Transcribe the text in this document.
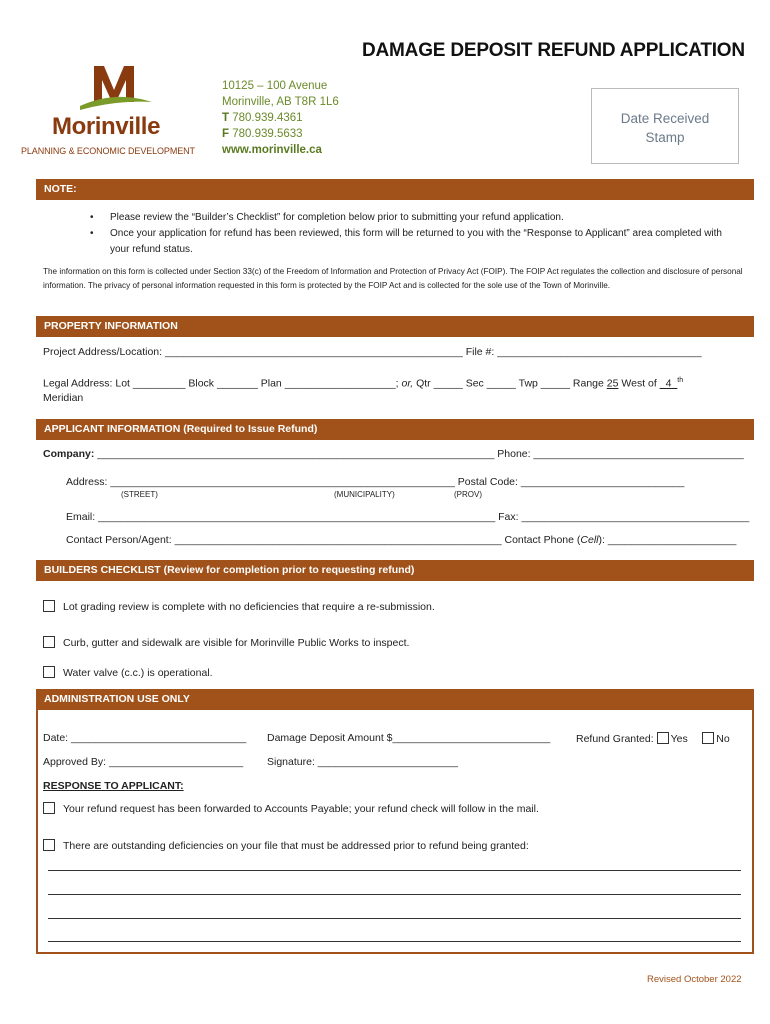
DAMAGE DEPOSIT REFUND APPLICATION
Morinville
PLANNING & ECONOMIC DEVELOPMENT
10125 – 100 Avenue
Morinville, AB T8R 1L6
T 780.939.4361
F 780.939.5633
www.morinville.ca
Date Received
Stamp
NOTE:
• Please review the “Builder’s Checklist” for completion below prior to submitting your refund application.
• Once your application for refund has been reviewed, this form will be returned to you with the “Response to Applicant” area completed with your refund status.
The information on this form is collected under Section 33(c) of the Freedom of Information and Protection of Privacy Act (FOIP). The FOIP Act regulates the collection and disclosure of personal information. The privacy of personal information requested in this form is protected by the FOIP Act and is collected for the sole use of the Town of Morinville.
PROPERTY INFORMATION
Project Address/Location: ___________________________________________________ File #: ___________________________________
Legal Address: Lot _________ Block _______ Plan ___________________; or, Qtr _____ Sec _____ Twp _____ Range 25 West of _4_$^{th}$
Meridian
APPLICANT INFORMATION (Required to Issue Refund)
Company: ____________________________________________________________________ Phone: ____________________________________
Address: ___________________________________________________________ Postal Code: ____________________________
(STREET)	(MUNICIPALITY)	(PROV)
Email: ____________________________________________________________________ Fax: _______________________________________
Contact Person/Agent: ________________________________________________________ Contact Phone (Cell): ______________________
BUILDERS CHECKLIST (Review for completion prior to requesting refund)
Lot grading review is complete with no deficiencies that require a re-submission.
Curb, gutter and sidewalk are visible for Morinville Public Works to inspect.
Water valve (c.c.) is operational.
ADMINISTRATION USE ONLY
Date: ______________________________ Damage Deposit Amount $___________________________ Refund Granted: Yes	No
Approved By: _______________________ Signature: ________________________
RESPONSE TO APPLICANT:
Your refund request has been forwarded to Accounts Payable; your refund check will follow in the mail.
There are outstanding deficiencies on your file that must be addressed prior to refund being granted:
Revised October 2022
